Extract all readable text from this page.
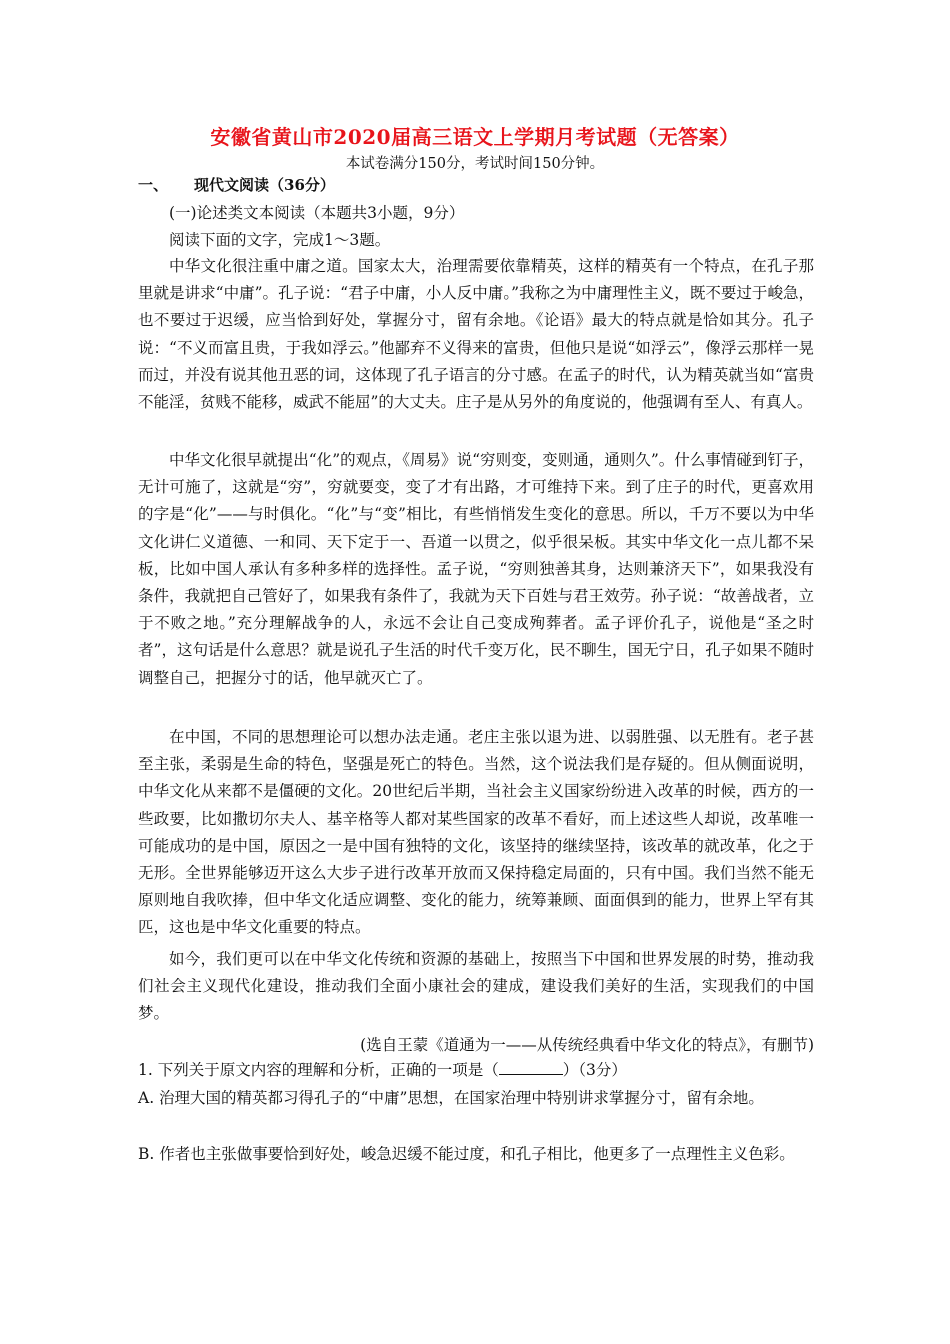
安徽省黄山市2020届高三语文上学期月考试题（无答案）
本试卷满分150分，考试时间150分钟。
一、 现代文阅读（36分）
(一)论述类文本阅读（本题共3小题，9分）
阅读下面的文字，完成1～3题。

中华文化很注重中庸之道。国家太大，治理需要依靠精英，这样的精英有一个特点，在孔子那里就是讲求“中庸”。孔子说：“君子中庸，小人反中庸。”我称之为中庸理性主义，既不要过于峻急，也不要过于迟缓，应当恰到好处，掌握分寸，留有余地。《论语》最大的特点就是恰如其分。孔子说：“不义而富且贵，于我如浮云。”他鄙弃不义得来的富贵，但他只是说“如浮云”，像浮云那样一晃而过，并没有说其他丑恶的词，这体现了孔子语言的分寸感。在孟子的时代，认为精英就当如“富贵不能淫，贫贱不能移，威武不能屈”的大丈夫。庄子是从另外的角度说的，他强调有至人、有真人。

中华文化很早就提出“化”的观点，《周易》说“穷则变，变则通，通则久”。什么事情碰到钉子，无计可施了，这就是“穷”，穷就要变，变了才有出路，才可维持下来。到了庄子的时代，更喜欢用的字是“化”——与时俱化。“化”与“变”相比，有些悄悄发生变化的意思。所以，千万不要以为中华文化讲仁义道德、一和同、天下定于一、吾道一以贯之，似乎很呆板。其实中华文化一点儿都不呆板，比如中国人承认有多种多样的选择性。孟子说，“穷则独善其身，达则兼济天下”，如果我没有条件，我就把自己管好了，如果我有条件了，我就为天下百姓与君王效劳。孙子说：“故善战者，立于不败之地。”充分理解战争的人，永远不会让自己变成殉葬者。孟子评价孔子，说他是“圣之时者”，这句话是什么意思？就是说孔子生活的时代千变万化，民不聊生，国无宁日，孔子如果不随时调整自己，把握分寸的话，他早就灭亡了。

在中国，不同的思想理论可以想办法走通。老庄主张以退为进、以弱胜强、以无胜有。老子甚至主张，柔弱是生命的特色，坚强是死亡的特色。当然，这个说法我们是存疑的。但从侧面说明，中华文化从来都不是僵硬的文化。20世纪后半期，当社会主义国家纷纷进入改革的时候，西方的一些政要，比如撒切尔夫人、基辛格等人都对某些国家的改革不看好，而上述这些人却说，改革唯一可能成功的是中国，原因之一是中国有独特的文化，该坚持的继续坚持，该改革的就改革，化之于无形。全世界能够迈开这么大步子进行改革开放而又保持稳定局面的，只有中国。我们当然不能无原则地自我吹捧，但中华文化适应调整、变化的能力，统筹兼顾、面面俱到的能力，世界上罕有其匹，这也是中华文化重要的特点。

如今，我们更可以在中华文化传统和资源的基础上，按照当下中国和世界发展的时势，推动我们社会主义现代化建设，推动我们全面小康社会的建成，建设我们美好的生活，实现我们的中国梦。

(选自王蒙《道通为一——从传统经典看中华文化的特点》，有删节)

1. 下列关于原文内容的理解和分析，正确的一项是（	）（3分）

A. 治理大国的精英都习得孔子的“中庸”思想，在国家治理中特别讲求掌握分寸，留有余地。

B. 作者也主张做事要恰到好处，峻急迟缓不能过度，和孔子相比，他更多了一点理性主义色彩。
